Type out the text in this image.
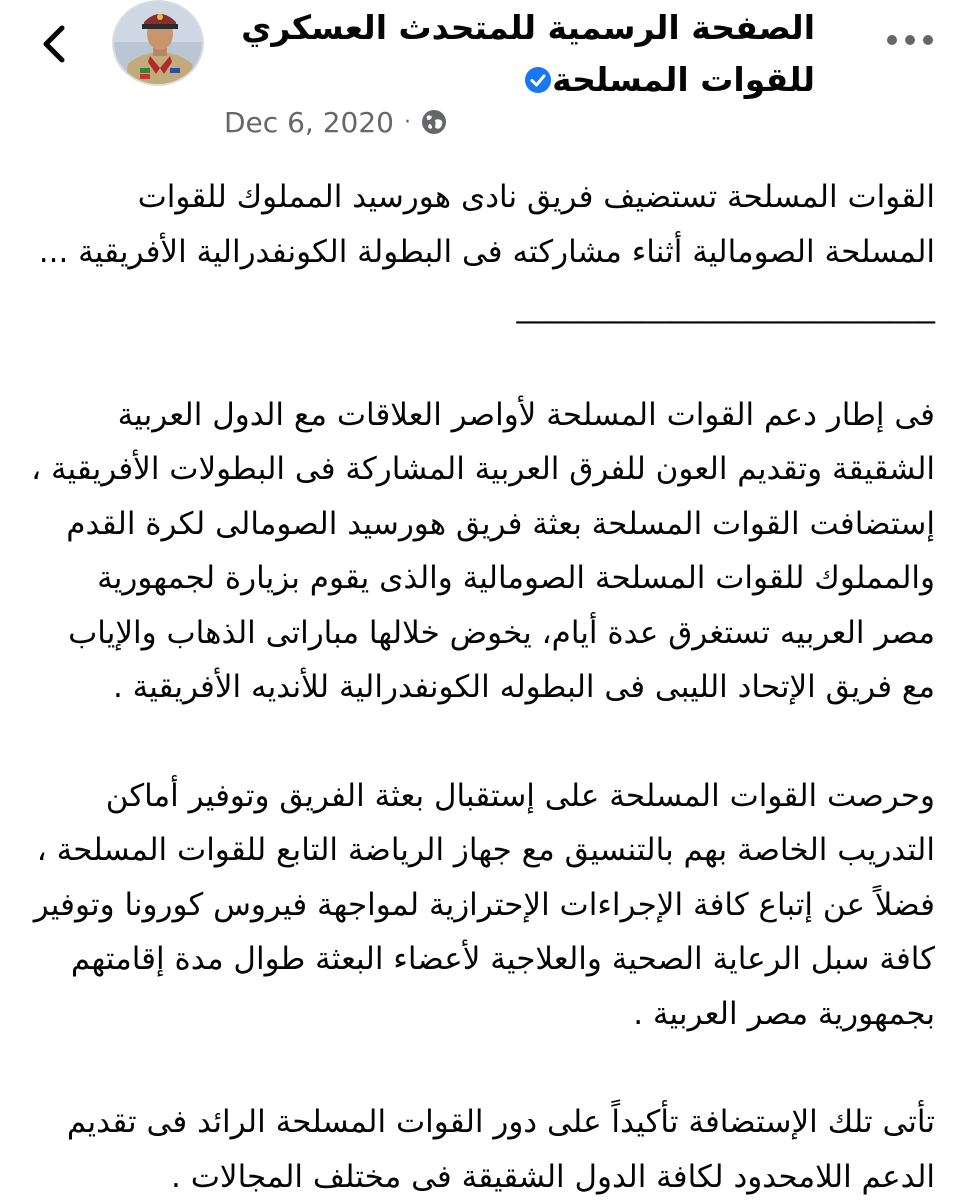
الصفحة الرسمية للمتحدث العسكري للقوات المسلحة
Dec 6, 2020 ·

القوات المسلحة تستضيف فريق نادى هورسيد المملوك للقوات المسلحة الصومالية أثناء مشاركته فى البطولة الكونفدرالية الأفريقية ...

___________________________

فى إطار دعم القوات المسلحة لأواصر العلاقات مع الدول العربية الشقيقة وتقديم العون للفرق العربية المشاركة فى البطولات الأفريقية ، إستضافت القوات المسلحة بعثة فريق هورسيد الصومالى لكرة القدم والمملوك للقوات المسلحة الصومالية والذى يقوم بزيارة لجمهورية مصر العربيه تستغرق عدة أيام، يخوض خلالها مباراتى الذهاب والإياب مع فريق الإتحاد الليبى فى البطوله الكونفدرالية للأنديه الأفريقية .

وحرصت القوات المسلحة على إستقبال بعثة الفريق وتوفير أماكن التدريب الخاصة بهم بالتنسيق مع جهاز الرياضة التابع للقوات المسلحة ، فضلاً عن إتباع كافة الإجراءات الإحترازية لمواجهة فيروس كورونا وتوفير كافة سبل الرعاية الصحية والعلاجية لأعضاء البعثة طوال مدة إقامتهم بجمهورية مصر العربية .

تأتى تلك الإستضافة تأكيداً على دور القوات المسلحة الرائد فى تقديم الدعم اللامحدود لكافة الدول الشقيقة فى مختلف المجالات .
